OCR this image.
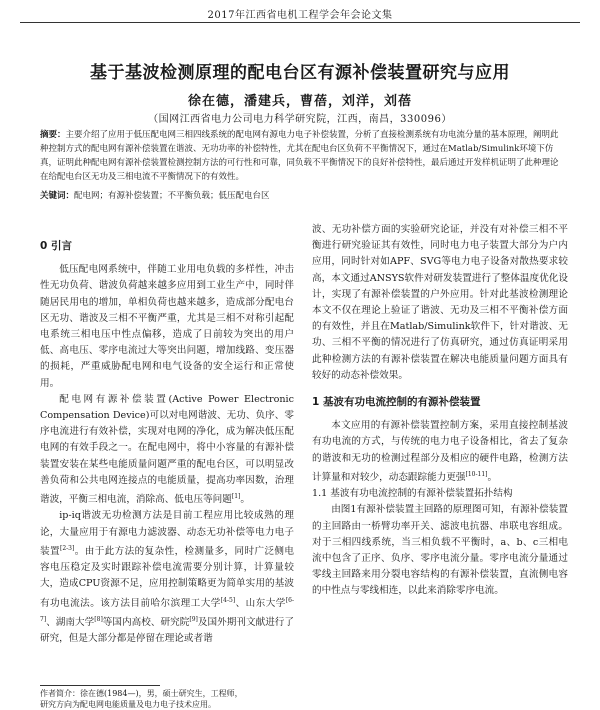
2017年江西省电机工程学会年会论文集
基于基波检测原理的配电台区有源补偿装置研究与应用
徐在德，潘建兵，曹蓓，刘洋，刘蓓
（国网江西省电力公司电力科学研究院，江西，南昌，330096）
摘要：主要介绍了应用于低压配电网三相四线系统的配电网有源电力电子补偿装置，分析了直接检测系统有功电流分量的基本原理，阐明此种控制方式的配电网有源补偿装置在谐波、无功功率的补偿特性，尤其在配电台区负荷不平衡情况下，通过在Matlab/Simulink环境下仿真，证明此种配电网有源补偿装置检测控制方法的可行性和可靠，同负载不平衡情况下的良好补偿特性，最后通过开发样机证明了此种理论在给配电台区无功及三相电流不平衡情况下的有效性。
关键词：配电网；有源补偿装置；不平衡负载；低压配电台区
0 引言

低压配电网系统中，伴随工业用电负载的多样性，冲击性无功负荷、谐波负荷越来越多应用到工业生产中，同时伴随居民用电的增加，单相负荷也越来越多，造成部分配电台区无功、谐波及三相不平衡严重，尤其是三相不对称引起配电系统三相电压中性点偏移，造成了日前较为突出的用户低、高电压、零序电流过大等突出问题，增加线路、变压器的损耗，严重威胁配电网和电气设备的安全运行和正常使用。

配电网有源补偿装置(Active Power Electronic Compensation Device)可以对电网谐波、无功、负序、零序电流进行有效补偿，实现对电网的净化，成为解决低压配电网的有效手段之一。在配电网中，将中小容量的有源补偿装置安装在某些电能质量问题严重的配电台区，可以明显改善负荷和公共电网连接点的电能质量，提高功率因数，治理谐波，平衡三相电流，消除高、低电压等问题[1]。

ip-iq谐波无功检测方法是目前工程应用比较成熟的理论，大量应用于有源电力滤波器、动态无功补偿等电力电子装置[2-3]。由于此方法的复杂性，检测量多，同时广泛侧电容电压稳定及实时跟踪补偿电流需要分别计算，计算量较大，造成CPU资源不足，应用控制策略更为简单实用的基波有功电流法。该方法目前哈尔滨理工大学[4-5]、山东大学[6-7]、湖南大学[8]等国内高校、研究院[9]及国外期刊文献进行了研究，但是大部分都是停留在理论或者谐

作者简介：徐在德(1984—)，男，硕士研究生，工程师，
研究方向为配电网电能质量及电力电子技术应用。

波、无功补偿方面的实验研究论证，并没有对补偿三相不平衡进行研究验证其有效性，同时电力电子装置大部分为户内应用，同时针对如APF、SVG等电力电子设备对散热要求较高，本文通过ANSYS软件对研发装置进行了整体温度优化设计，实现了有源补偿装置的户外应用。针对此基波检测理论本文不仅在理论上验证了谐波、无功及三相不平衡补偿方面的有效性，并且在Matlab/Simulink软件下，针对谐波、无功、三相不平衡的情况进行了仿真研究，通过仿真证明采用此种检测方法的有源补偿装置在解决电能质量问题方面具有较好的动态补偿效果。

1 基波有功电流控制的有源补偿装置

本文应用的有源补偿装置控制方案，采用直接控制基波有功电流的方式，与传统的电力电子设备相比，省去了复杂的谐波和无功的检测过程部分及相应的硬件电路，检测方法计算量和对较少，动态跟踪能力更强[10-11]。

1.1 基波有功电流控制的有源补偿装置拓扑结构

由图1有源补偿装置主回路的原理图可知，有源补偿装置的主回路由一桥臂功率开关、滤波电抗器、串联电容组成。对于三相四线系统，当三相负载不平衡时，a、b、c三相电流中包含了正序、负序、零序电流分量。零序电流分量通过零线主回路来用分裂电容结构的有源补偿装置，直流侧电容的中性点与零线相连，以此来消除零序电流。
